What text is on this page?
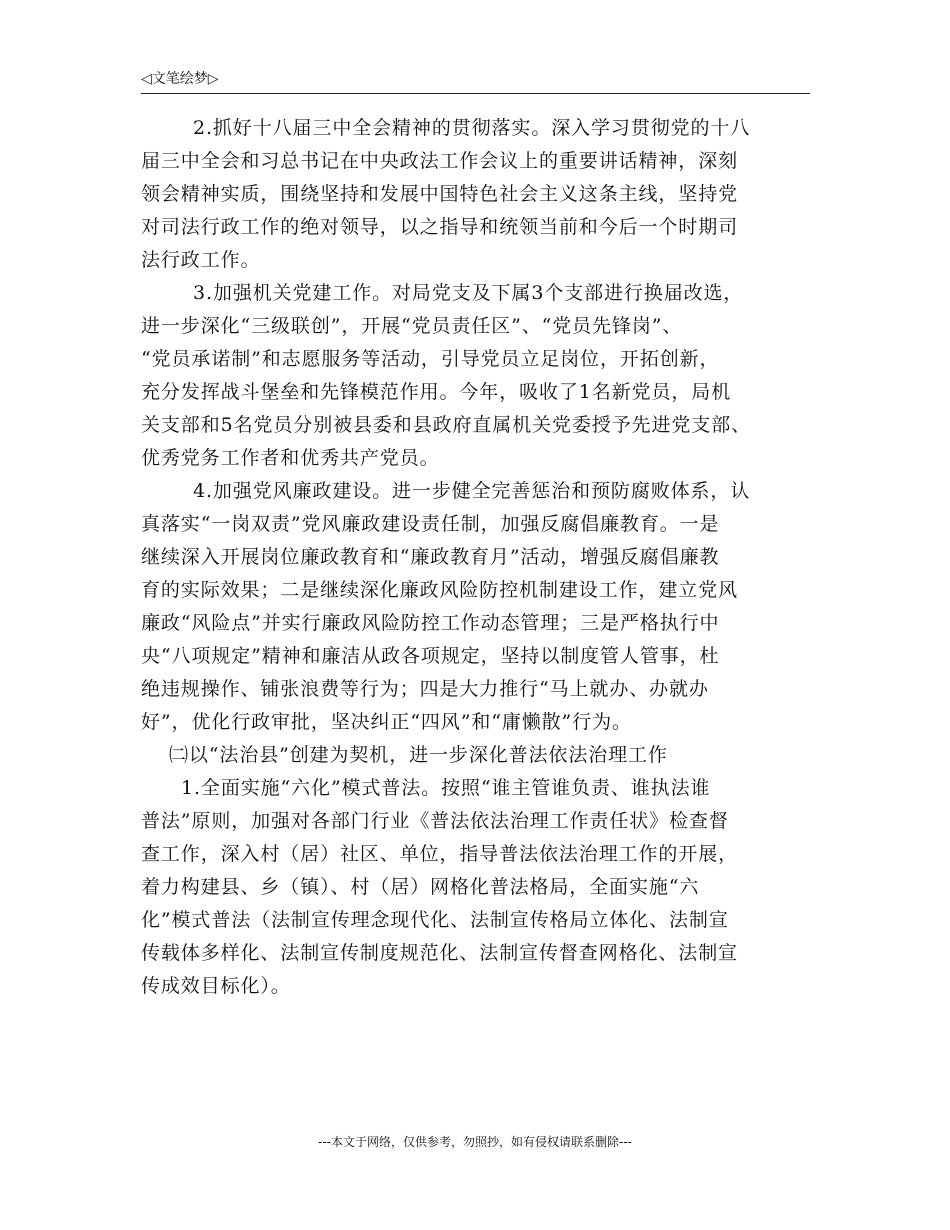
◁文笔绘梦▷
2.抓好十八届三中全会精神的贯彻落实。深入学习贯彻党的十八
届三中全会和习总书记在中央政法工作会议上的重要讲话精神，深刻
领会精神实质，围绕坚持和发展中国特色社会主义这条主线，坚持党
对司法行政工作的绝对领导，以之指导和统领当前和今后一个时期司
法行政工作。
3.加强机关党建工作。对局党支及下属3个支部进行换届改选，
进一步深化“三级联创”，开展“党员责任区”、“党员先锋岗”、
“党员承诺制”和志愿服务等活动，引导党员立足岗位，开拓创新，
充分发挥战斗堡垒和先锋模范作用。今年，吸收了1名新党员，局机
关支部和5名党员分别被县委和县政府直属机关党委授予先进党支部、
优秀党务工作者和优秀共产党员。
4.加强党风廉政建设。进一步健全完善惩治和预防腐败体系，认
真落实“一岗双责”党风廉政建设责任制，加强反腐倡廉教育。一是
继续深入开展岗位廉政教育和“廉政教育月”活动，增强反腐倡廉教
育的实际效果；二是继续深化廉政风险防控机制建设工作，建立党风
廉政“风险点”并实行廉政风险防控工作动态管理；三是严格执行中
央“八项规定”精神和廉洁从政各项规定，坚持以制度管人管事，杜
绝违规操作、铺张浪费等行为；四是大力推行“马上就办、办就办
好”，优化行政审批，坚决纠正“四风”和“庸懒散”行为。
㈡以“法治县”创建为契机，进一步深化普法依法治理工作
1.全面实施“六化”模式普法。按照“谁主管谁负责、谁执法谁
普法”原则，加强对各部门行业《普法依法治理工作责任状》检查督
查工作，深入村（居）社区、单位，指导普法依法治理工作的开展，
着力构建县、乡（镇）、村（居）网格化普法格局，全面实施“六
化”模式普法（法制宣传理念现代化、法制宣传格局立体化、法制宣
传载体多样化、法制宣传制度规范化、法制宣传督查网格化、法制宣
传成效目标化）。
---本文于网络，仅供参考，勿照抄，如有侵权请联系删除---
